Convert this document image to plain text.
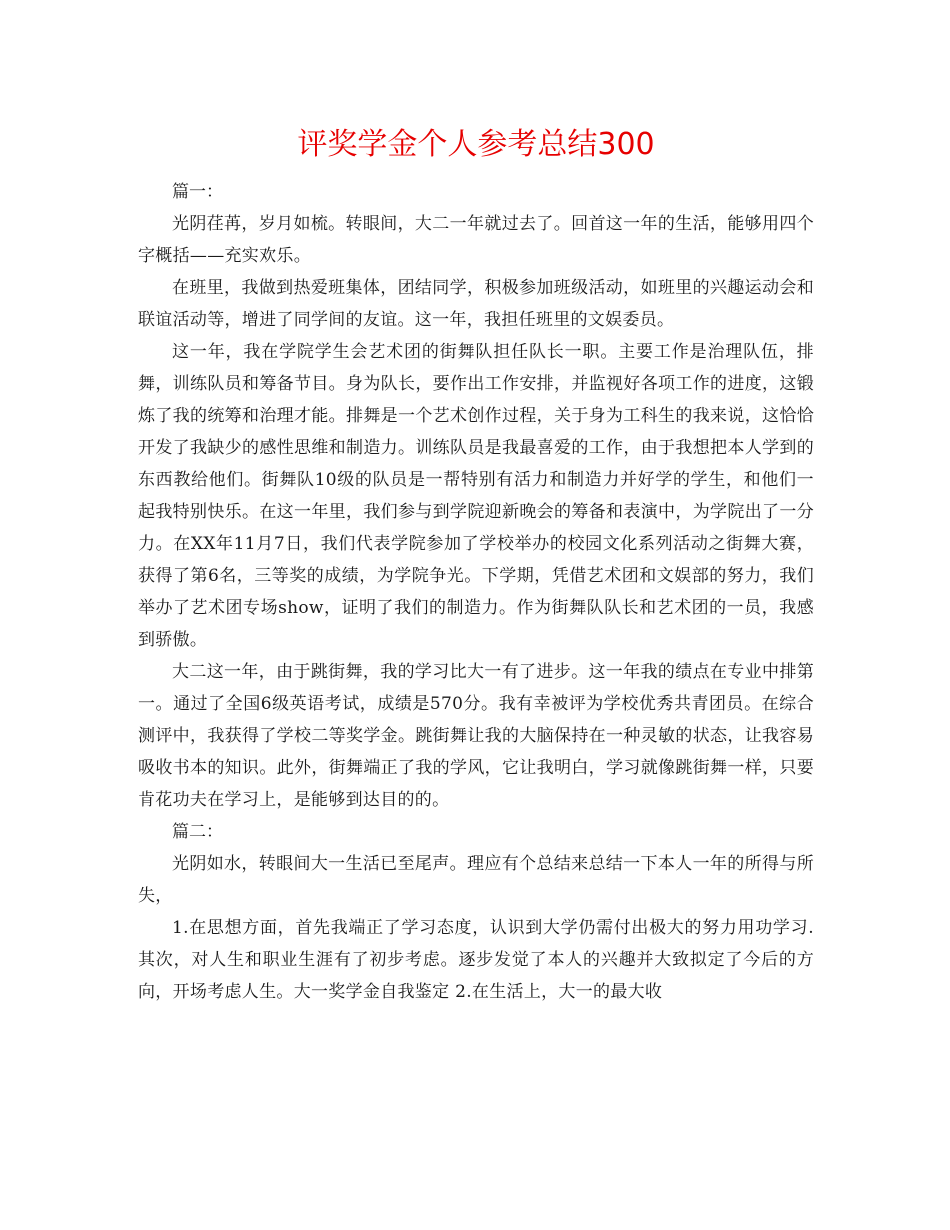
评奖学金个人参考总结300

篇一：

光阴荏苒，岁月如梳。转眼间，大二一年就过去了。回首这一年的生活，能够用四个字概括——充实欢乐。

在班里，我做到热爱班集体，团结同学，积极参加班级活动，如班里的兴趣运动会和联谊活动等，增进了同学间的友谊。这一年，我担任班里的文娱委员。

这一年，我在学院学生会艺术团的街舞队担任队长一职。主要工作是治理队伍，排舞，训练队员和筹备节目。身为队长，要作出工作安排，并监视好各项工作的进度，这锻炼了我的统筹和治理才能。排舞是一个艺术创作过程，关于身为工科生的我来说，这恰恰开发了我缺少的感性思维和制造力。训练队员是我最喜爱的工作，由于我想把本人学到的东西教给他们。街舞队10级的队员是一帮特别有活力和制造力并好学的学生，和他们一起我特别快乐。在这一年里，我们参与到学院迎新晚会的筹备和表演中，为学院出了一分力。在XX年11月7日，我们代表学院参加了学校举办的校园文化系列活动之街舞大赛，获得了第6名，三等奖的成绩，为学院争光。下学期，凭借艺术团和文娱部的努力，我们举办了艺术团专场show，证明了我们的制造力。作为街舞队队长和艺术团的一员，我感到骄傲。

大二这一年，由于跳街舞，我的学习比大一有了进步。这一年我的绩点在专业中排第一。通过了全国6级英语考试，成绩是570分。我有幸被评为学校优秀共青团员。在综合测评中，我获得了学校二等奖学金。跳街舞让我的大脑保持在一种灵敏的状态，让我容易吸收书本的知识。此外，街舞端正了我的学风，它让我明白，学习就像跳街舞一样，只要肯花功夫在学习上，是能够到达目的的。

篇二：

光阴如水，转眼间大一生活已至尾声。理应有个总结来总结一下本人一年的所得与所失，

1.在思想方面，首先我端正了学习态度，认识到大学仍需付出极大的努力用功学习.其次，对人生和职业生涯有了初步考虑。逐步发觉了本人的兴趣并大致拟定了今后的方向，开场考虑人生。大一奖学金自我鉴定 2.在生活上，大一的最大收
